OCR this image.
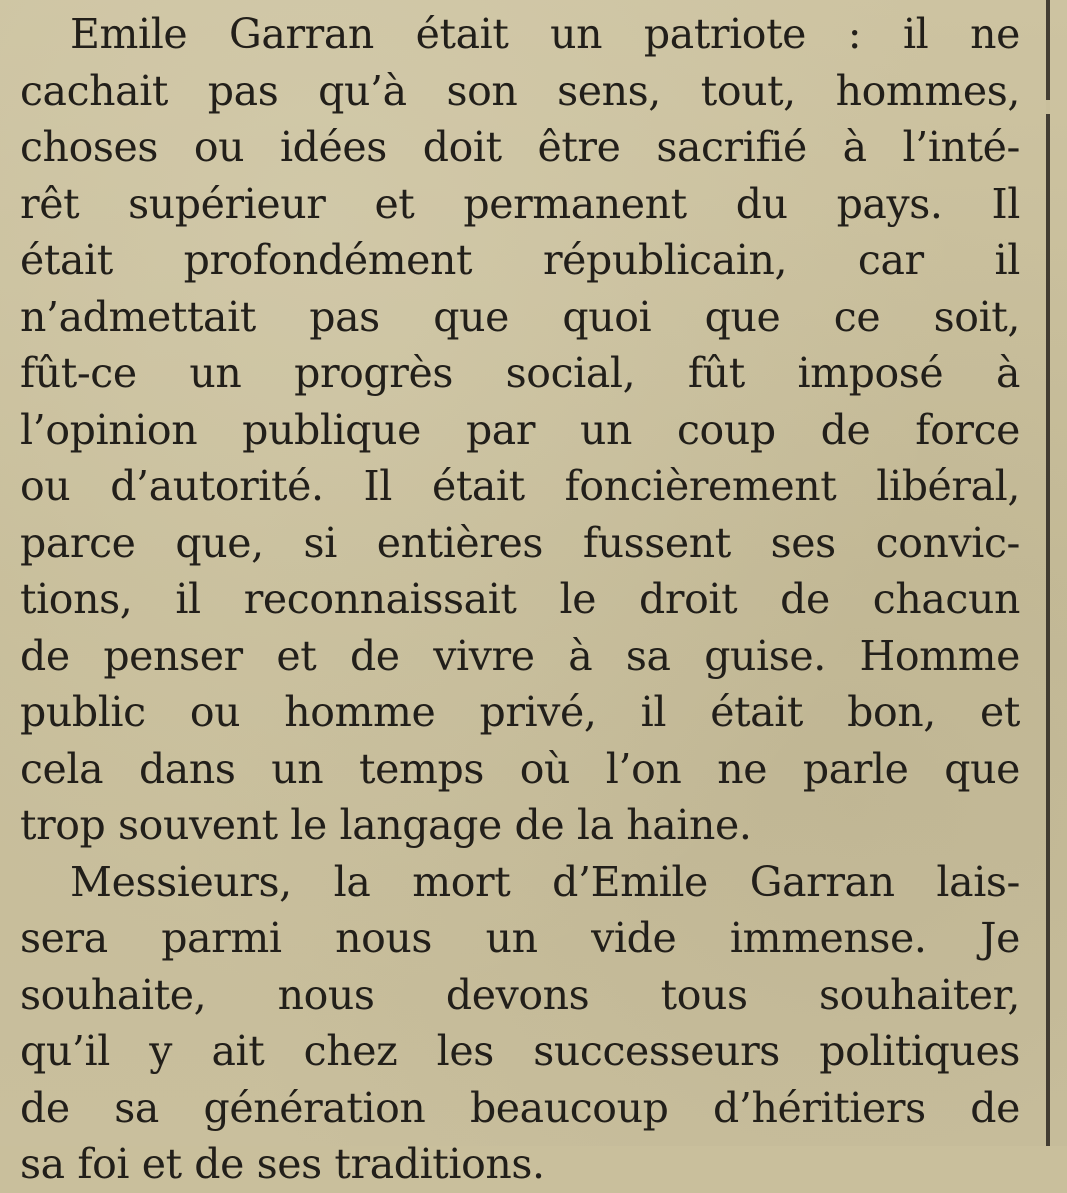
Emile Garran était un patriote : il ne
cachait pas qu’à son sens, tout, hommes,
choses ou idées doit être sacrifié à l’inté-
rêt supérieur et permanent du pays. Il
était profondément républicain, car il
n’admettait pas que quoi que ce soit,
fût-ce un progrès social, fût imposé à
l’opinion publique par un coup de force
ou d’autorité. Il était foncièrement libéral,
parce que, si entières fussent ses convic-
tions, il reconnaissait le droit de chacun
de penser et de vivre à sa guise. Homme
public ou homme privé, il était bon, et
cela dans un temps où l’on ne parle que
trop souvent le langage de la haine.
Messieurs, la mort d’Emile Garran lais-
sera parmi nous un vide immense. Je
souhaite, nous devons tous souhaiter,
qu’il y ait chez les successeurs politiques
de sa génération beaucoup d’héritiers de
sa foi et de ses traditions.
